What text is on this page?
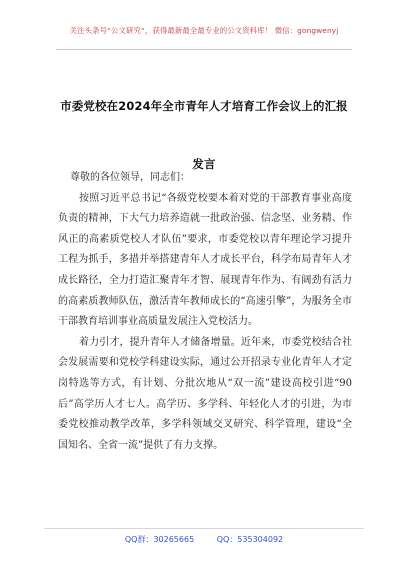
关注头条号“公文研究”，获得最新最全最专业的公文资料库！ 微信：gongwenyj
市委党校在2024年全市青年人才培育工作会议上的汇报发言

尊敬的各位领导，同志们：

按照习近平总书记“各级党校要本着对党的干部教育事业高度负责的精神，下大气力培养造就一批政治强、信念坚、业务精、作风正的高素质党校人才队伍”要求，市委党校以青年理论学习提升工程为抓手，多措并举搭建青年人才成长平台，科学布局青年人才成长路径，全力打造汇聚青年才智、展现青年作为、有阔劲有活力的高素质教师队伍，激活青年教师成长的“高速引擎”，为服务全市干部教育培训事业高质量发展注入党校活力。

着力引才，提升青年人才储备增量。近年来，市委党校结合社会发展需要和党校学科建设实际，通过公开招录专业化青年人才定岗特选等方式，有计划、分批次地从“双一流”建设高校引进“90后”高学历人才七人。高学历、多学科、年轻化人才的引进，为市委党校推动教学改革，多学科领域交叉研究、科学管理，建设“全国知名、全省一流”提供了有力支撑。

QQ群：30265665	QQ：535304092
